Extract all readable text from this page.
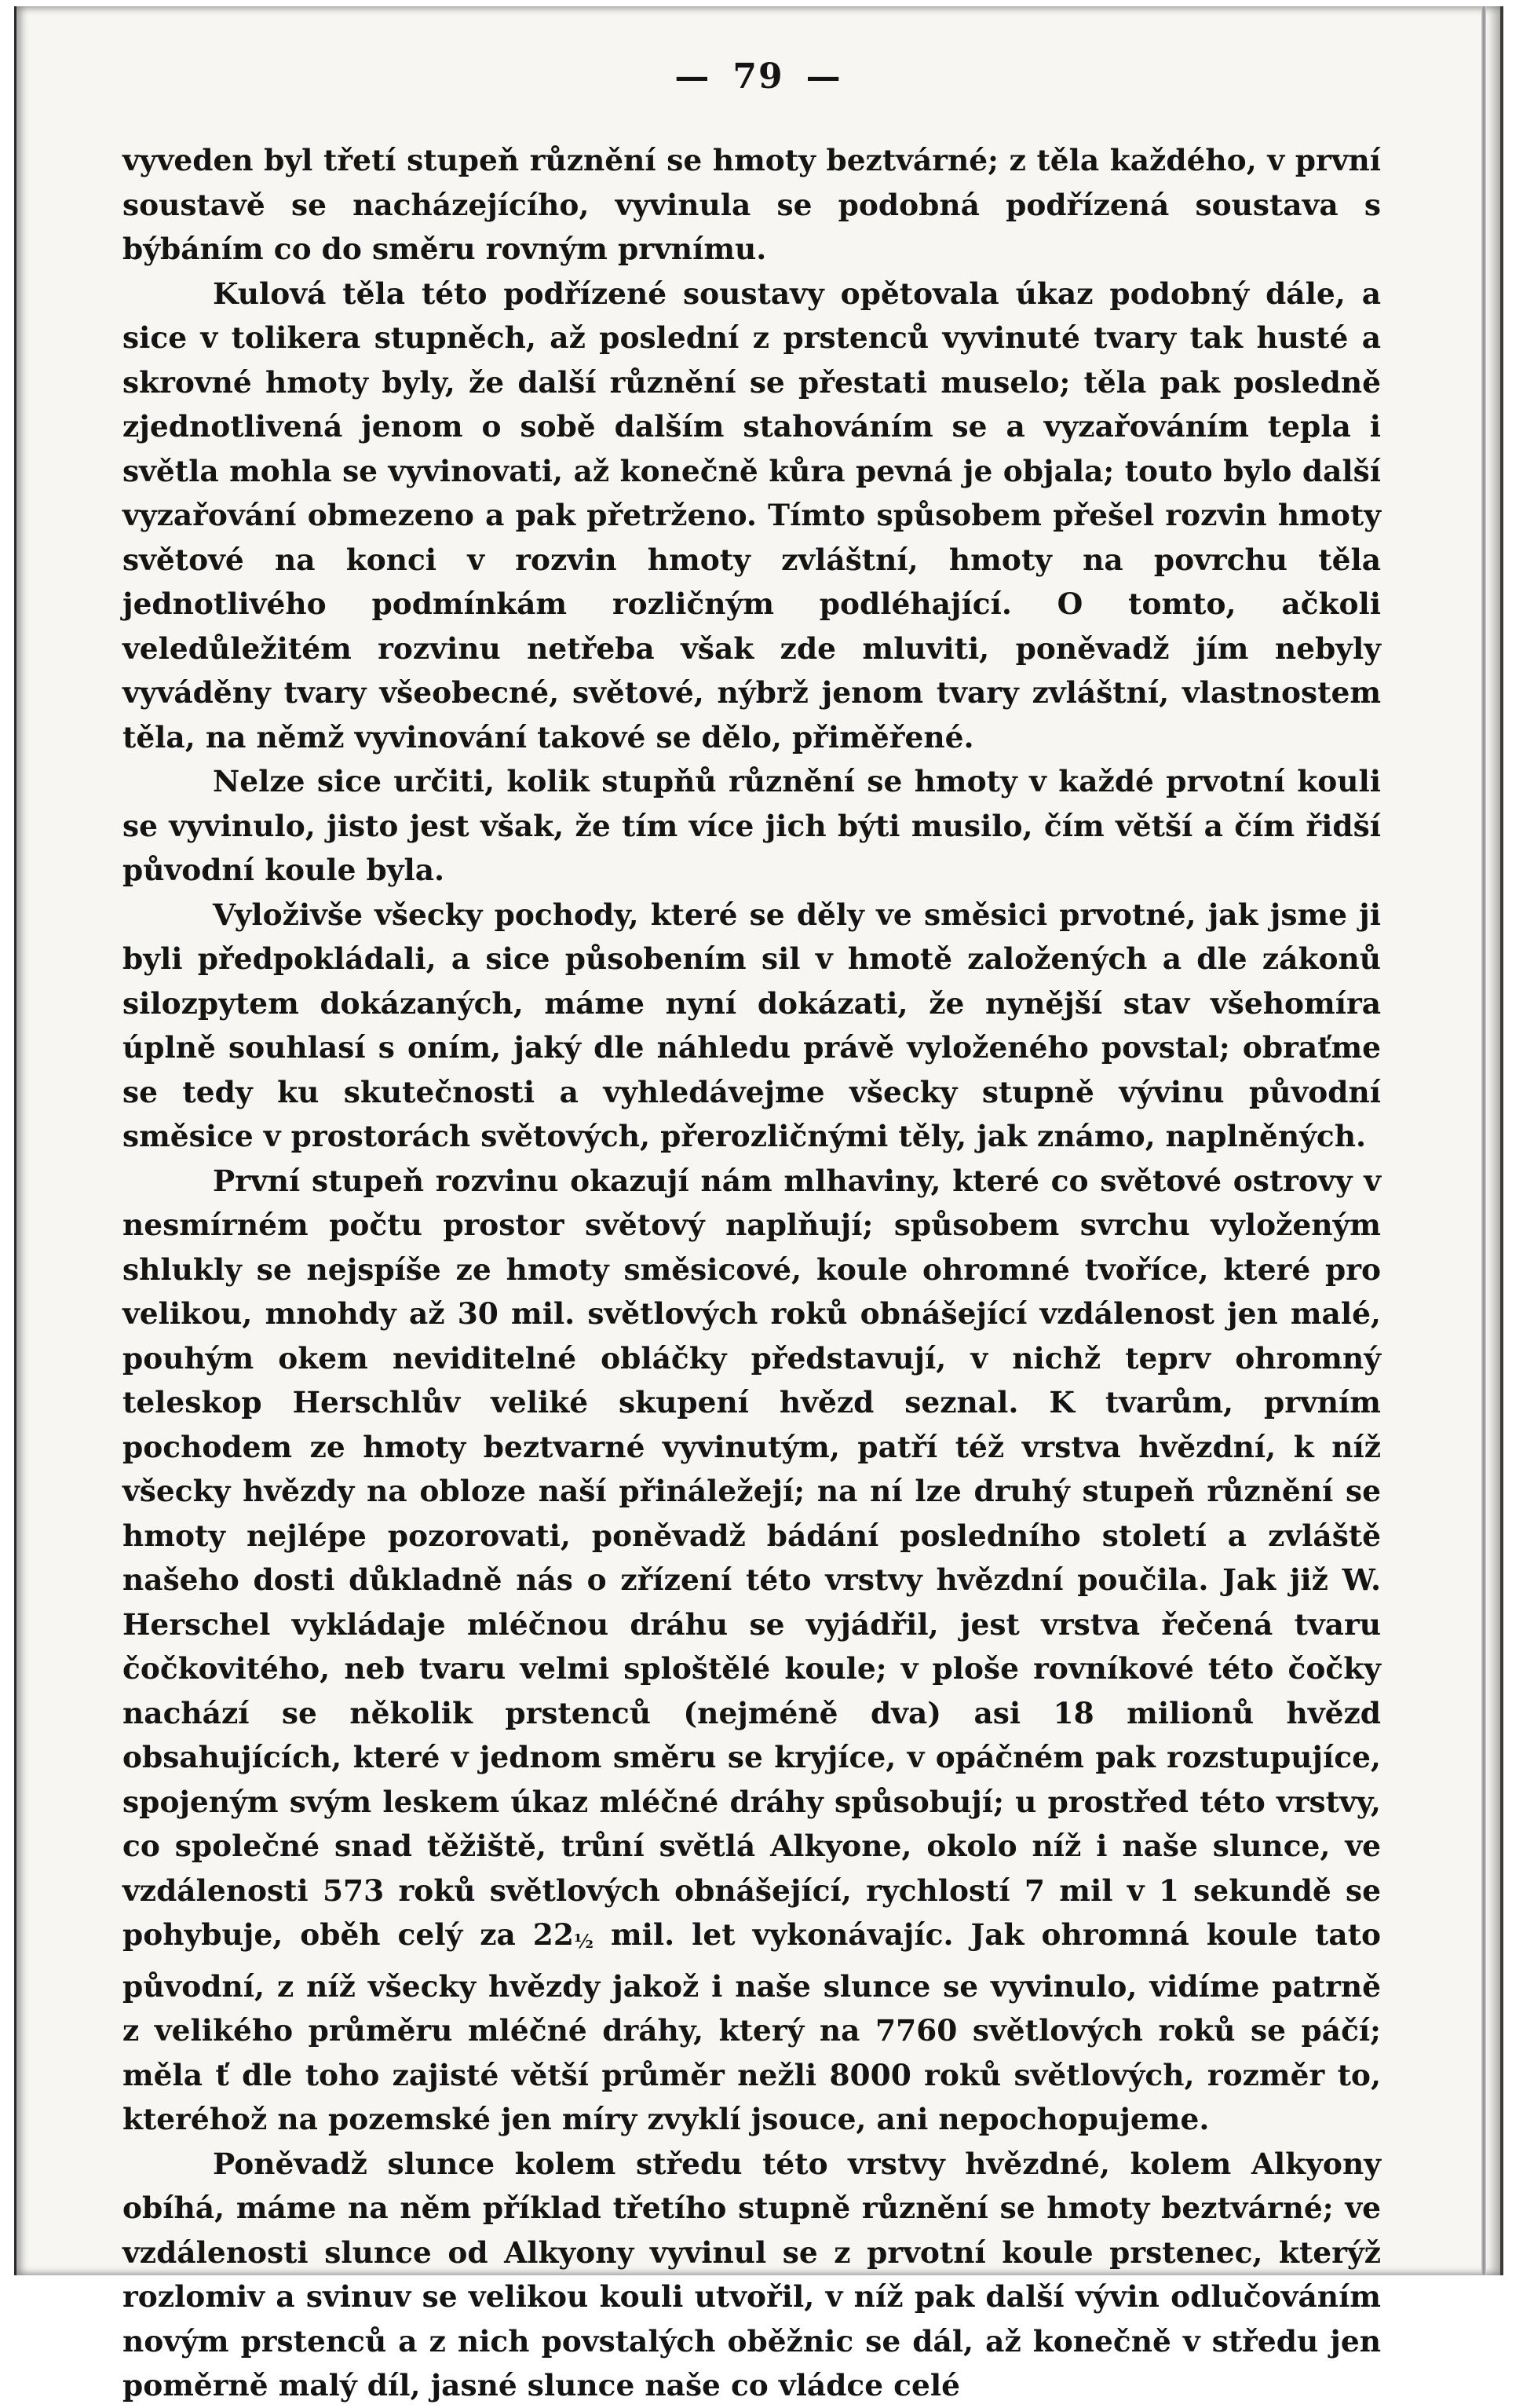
— 79 —

vyveden byl třetí stupeň různění se hmoty beztvárné; z těla každého, v první soustavě se nacházejícího, vyvinula se podobná podřízená soustava s býbáním co do směru rovným prvnímu.

Kulová těla této podřízené soustavy opětovala úkaz podobný dále, a sice v tolikera stupněch, až poslední z prstenců vyvinuté tvary tak husté a skrovné hmoty byly, že další různění se přestati muselo; těla pak posledně zjednotlivená jenom o sobě dalším stahováním se a vyzařováním tepla i světla mohla se vyvinovati, až konečně kůra pevná je objala; touto bylo další vyzařování obmezeno a pak přetrženo. Tímto spůsobem přešel rozvin hmoty světové na konci v rozvin hmoty zvláštní, hmoty na povrchu těla jednotlivého podmínkám rozličným podléhající. O tomto, ačkoli veledůležitém rozvinu netřeba však zde mluviti, poněvadž jím nebyly vyváděny tvary všeobecné, světové, nýbrž jenom tvary zvláštní, vlastnostem těla, na němž vyvinování takové se dělo, přiměřené.

Nelze sice určiti, kolik stupňů různění se hmoty v každé prvotní kouli se vyvinulo, jisto jest však, že tím více jich býti musilo, čím větší a čím řidší původní koule byla.

Vyloživše všecky pochody, které se děly ve směsici prvotné, jak jsme ji byli předpokládali, a sice působením sil v hmotě založených a dle zákonů silozpytem dokázaných, máme nyní dokázati, že nynější stav všehomíra úplně souhlasí s oním, jaký dle náhledu právě vyloženého povstal; obraťme se tedy ku skutečnosti a vyhledávejme všecky stupně vývinu původní směsice v prostorách světových, přerozličnými těly, jak známo, naplněných.

První stupeň rozvinu okazují nám mlhaviny, které co světové ostrovy v nesmírném počtu prostor světový naplňují; spůsobem svrchu vyloženým shlukly se nejspíše ze hmoty směsicové, koule ohromné tvoříce, které pro velikou, mnohdy až 30 mil. světlových roků obnášející vzdálenost jen malé, pouhým okem neviditelné obláčky představují, v nichž teprv ohromný teleskop Herschlův veliké skupení hvězd seznal. K tvarům, prvním pochodem ze hmoty beztvarné vyvinutým, patří též vrstva hvězdní, k níž všecky hvězdy na obloze naší přináležejí; na ní lze druhý stupeň různění se hmoty nejlépe pozorovati, poněvadž bádání posledního století a zvláště našeho dosti důkladně nás o zřízení této vrstvy hvězdní poučila. Jak již W. Herschel vykládaje mléčnou dráhu se vyjádřil, jest vrstva řečená tvaru čočkovitého, neb tvaru velmi sploštělé koule; v ploše rovníkové této čočky nachází se několik prstenců (nejméně dva) asi 18 milionů hvězd obsahujících, které v jednom směru se kryjíce, v opáčném pak rozstupujíce, spojeným svým leskem úkaz mléčné dráhy spůsobují; u prostřed této vrstvy, co společné snad těžiště, trůní světlá Alkyone, okolo níž i naše slunce, ve vzdálenosti 573 roků světlových obnášející, rychlostí 7 mil v 1 sekundě se pohybuje, oběh celý za 22½ mil. let vykonávajíc. Jak ohromná koule tato původní, z níž všecky hvězdy jakož i naše slunce se vyvinulo, vidíme patrně z velikého průměru mléčné dráhy, který na 7760 světlových roků se páčí; měla ť dle toho zajisté větší průměr nežli 8000 roků světlových, rozměr to, kteréhož na pozemské jen míry zvyklí jsouce, ani nepochopujeme.

Poněvadž slunce kolem středu této vrstvy hvězdné, kolem Alkyony obíhá, máme na něm příklad třetího stupně různění se hmoty beztvárné; ve vzdálenosti slunce od Alkyony vyvinul se z prvotní koule prstenec, kterýž rozlomiv a svinuv se velikou kouli utvořil, v níž pak další vývin odlučováním novým prstenců a z nich povstalých oběžnic se dál, až konečně v středu jen poměrně malý díl, jasné slunce naše co vládce celé
